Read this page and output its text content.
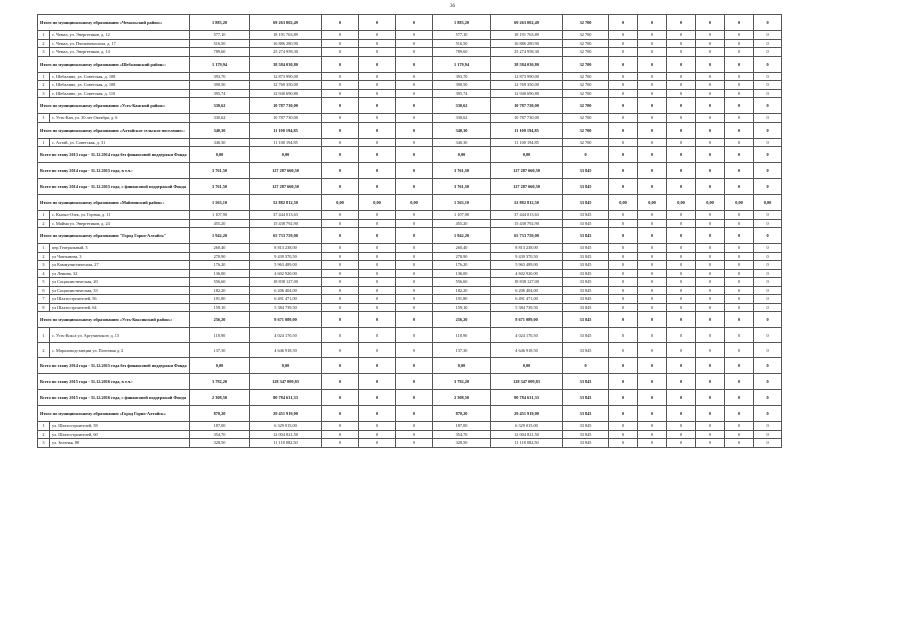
36
Итого по муниципальному образованию «Чемальский район»:		1 883,20	69 263 002,49	0	0	0	1 883,20	69 263 002,49	32 700	0	0	0	0	0	0
1	с. Чемал, ул. Энергетиков, д. 12	577,10	18 191 763,89	0	0	0	577,10	18 191 763,89	32 700	0	0	0	0	0	0
2	с. Чемал, ул. Пчелиномолоча, д. 17	516,50	16 886 280,90	0	0	0	516,50	16 886 280,90	32 700	0	0	0	0	0	0
3	с. Чемал, ул. Энергетиков, д. 14	789,60	25 274 958,30	0	0	0	789,60	25 274 958,30	32 700	0	0	0	0	0	0
Итого по муниципальному образованию «Шебалинский район»:		1 179,94	38 584 030,80	0	0	0	1 179,94	38 584 030,80	32 700	0	0	0	0	0	0
1	с. Шебалино, ул. Советская, д. 108	393,70	12 873 990,00	0	0	0	393,70	12 873 990,00	32 700	0	0	0	0	0	0
2	с. Шебалино, ул. Советская, д. 108	390,50	12 769 350,00	0	0	0	390,50	12 769 350,00	32 700	0	0	0	0	0	0
3	с. Шебалино, ул. Советская, д. 110	395,74	12 940 690,80	0	0	0	395,74	12 940 690,80	32 700	0	0	0	0	0	0
Итого по муниципальному образованию «Усть-Канский район»:		330,62	10 787 730,00	0	0	0	330,62	10 787 730,00	32 700	0	0	0	0	0	0
1	с. Усть-Кан, ул. 30 лет Октября, д. 6	330,62	10 787 730,00	0	0	0	330,62	10 787 730,00	32 700	0	0	0	0	0	0
Итого по муниципальному образованию «Алтайское сельское поселение»:		340,30	11 100 194,85	0	0	0	340,30	11 100 194,85	32 700	0	0	0	0	0	0
1	с. Алтай, ул. Советская, д. 31	340,30	11 100 194,85	0	0	0	340,30	11 100 194,85	32 700	0	0	0	0	0	0
Всего по этапу 2013 года - 31.12.2014 года без финансовой поддержки Фонда		0,00	0,00	0	0	0	0,00	0,00	0	0	0	0	0	0	0
Всего по этапу 2014 года - 31.12.2015 года, в т.ч.:		3 761,50	127 287 660,50	0	0	0	3 761,50	127 287 660,50	33 845	0	0	0	0	0	0
Всего по этапу 2014 года - 31.12.2015 года, с финансовой поддержкой Фонда		3 761,50	127 287 660,50	0	0	0	3 761,50	127 287 660,50	33 845	0	0	0	0	0	0
Итого по муниципальному образованию «Майминский район»:		1 563,10	52 882 812,50	0,00	0,00	0,00	1 563,10	52 882 812,50	33 845	0,00	0,00	0,00	0,00	0,00	0,00
1	с. Кызыл-Озек, ул. Горная, д. 11	1 107,90	37 444 013,63	0	0	0	1 107,90	37 444 013,63	33 845	0	0	0	0	0	0
2	с. Майма ул. Энергетиков, д. 24	455,20	15 438 792,90	0	0	0	455,20	15 438 792,90	33 845	0	0	0	0	0	0
Итого по муниципальному образованию "Город Горно-Алтайск"		1 942,20	65 733 759,00	0	0	0	1 942,20	65 733 759,00	33 845	0	0	0	0	0	0
1	пер.Театральный, 3	260,40	8 813 238,00	0	0	0	260,40	8 813 238,00	33 845	0	0	0	0	0	0
2	ул Чаптынова, 3	278,90	9 439 370,50	0	0	0	278,90	9 439 370,50	33 845	0	0	0	0	0	0
3	ул Коммунистическая, 27	176,20	5 963 489,00	0	0	0	176,20	5 963 489,00	33 845	0	0	0	0	0	0
4	ул Ленина, 32	136,00	4 602 920,00	0	0	0	136,00	4 602 920,00	33 845	0	0	0	0	0	0
5	ул Социалистическая, 20	556,60	18 838 127,00	0	0	0	556,60	18 838 127,00	33 845	0	0	0	0	0	0
6	ул Социалистическая, 33	182,20	6 206 404,00	0	0	0	182,20	6 206 404,00	33 845	0	0	0	0	0	0
7	ул Шахтостроителей, 56	191,80	6 491 471,00	0	0	0	191,80	6 491 471,00	33 845	0	0	0	0	0	0
8	ул Шахтостроителей, 64	159,10	5 384 739,50	0	0	0	159,10	5 384 739,50	33 845	0	0	0	0	0	0
Итого по муниципальному образованию «Усть-Коксинский район»:		256,20	8 671 089,00	0	0	0	256,20	8 671 089,00	33 845	0	0	0	0	0	0
1	с. Усть-Кокса ул. Аргучинского д. 15	118,90	4 024 170,50	0	0	0	118,90	4 024 170,50	33 845	0	0	0	0	0	0
2	с. Мараловодстанции ул. Почтовая д. 2	137,30	4 646 918,50	0	0	0	137,30	4 646 918,50	33 845	0	0	0	0	0	0
Всего по этапу 2014 года - 31.12.2015 года без финансовой поддержки Фонда		0,00	0,00	0	0	0	0,00	0,00	0	0	0	0	0	0	0
Всего по этапу 2015 года - 31.12.2016 года, в т.ч.:		3 792,20	128 347 009,83	0	0	0	3 792,20	128 347 009,83	33 845	0	0	0	0	0	0
Всего по этапу 2015 года - 31.12.2016 года, с финансовой поддержкой Фонда		2 308,50	80 784 631,33	0	0	0	2 308,50	80 784 631,33	33 845	0	0	0	0	0	0
Итого по муниципальному образованию «Город Горно-Алтайск»		870,20	29 451 919,00	0	0	0	870,20	29 451 919,00	33 845	0	0	0	0	0	0
1	ул. Шахтостроителей, 58	187,00	6 329 015,00	0	0	0	187,00	6 329 015,00	33 845	0	0	0	0	0	0
2	ул. Шахтостроителей, 60	354,70	12 004 821,50	0	0	0	354,70	12 004 821,50	33 845	0	0	0	0	0	0
3	ул. Зеленая, 88	328,50	11 118 082,50	0	0	0	328,50	11 118 082,50	33 845	0	0	0	0	0	0
